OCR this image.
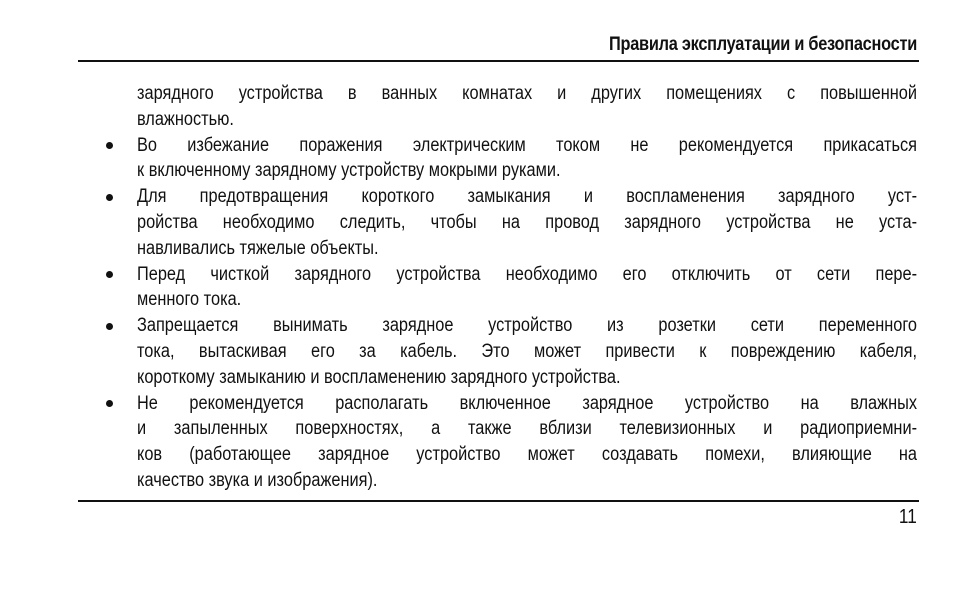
Правила эксплуатации и безопасности
зарядного устройства в ванных комнатах и других помещениях с повышенной
влажностью.
Во избежание поражения электрическим током не рекомендуется прикасаться
к включенному зарядному устройству мокрыми руками.
Для предотвращения короткого замыкания и воспламенения зарядного уст-
ройства необходимо следить, чтобы на провод зарядного устройства не уста-
навливались тяжелые объекты.
Перед чисткой зарядного устройства необходимо его отключить от сети пере-
менного тока.
Запрещается вынимать зарядное устройство из розетки сети переменного
тока, вытаскивая его за кабель. Это может привести к повреждению кабеля,
короткому замыканию и воспламенению зарядного устройства.
Не рекомендуется располагать включенное зарядное устройство на влажных
и запыленных поверхностях, а также вблизи телевизионных и радиоприемни-
ков (работающее зарядное устройство может создавать помехи, влияющие на
качество звука и изображения).
11
